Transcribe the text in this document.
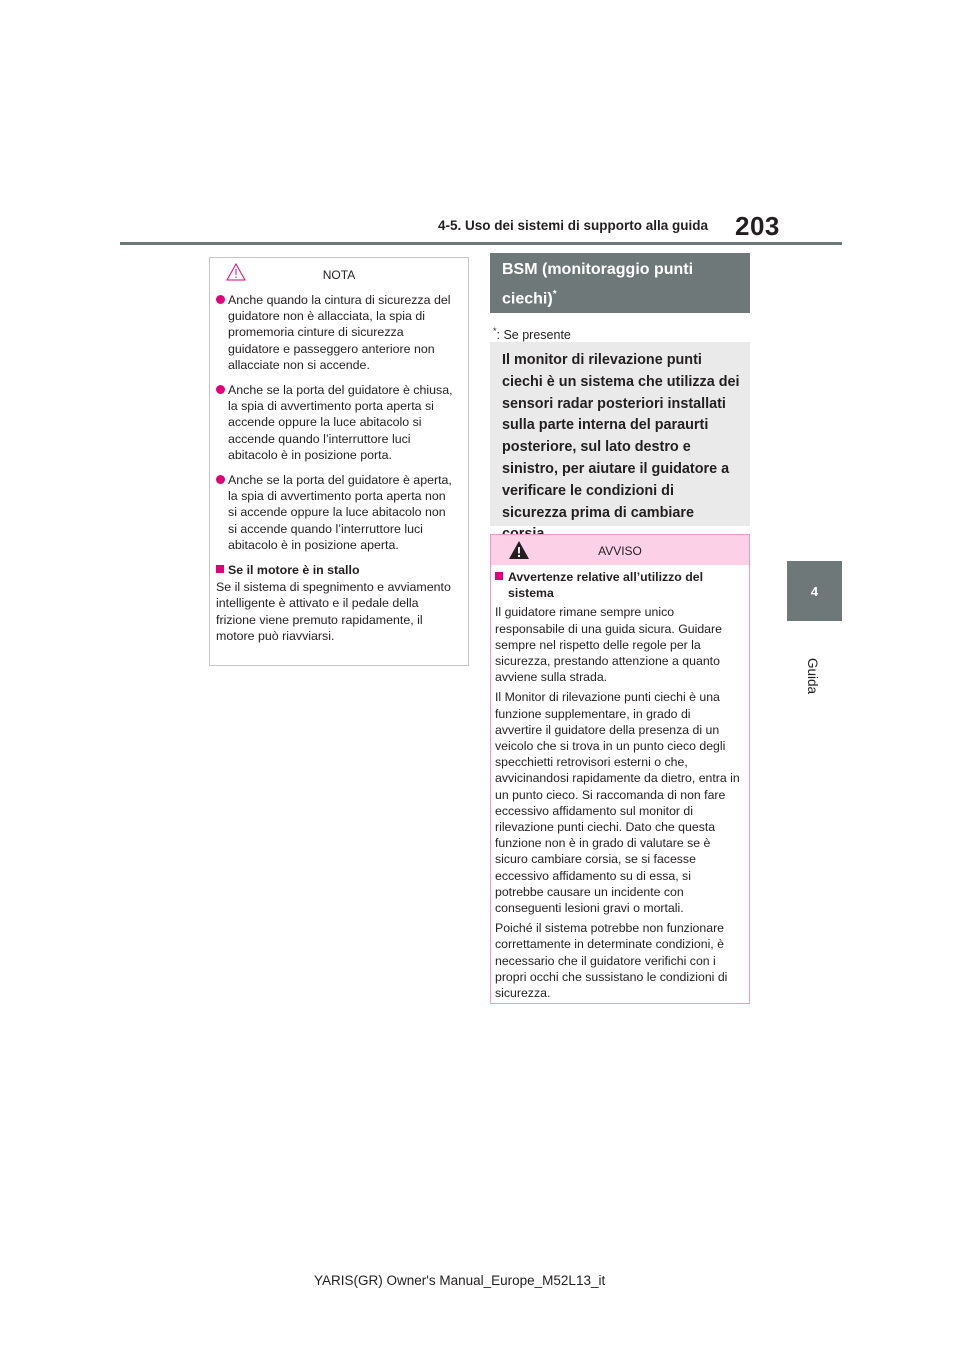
4-5. Uso dei sistemi di supporto alla guida 203
4
Guida
NOTA
Anche quando la cintura di sicurezza del guidatore non è allacciata, la spia di promemoria cinture di sicurezza guidatore e passeggero anteriore non allacciate non si accende.
Anche se la porta del guidatore è chiusa, la spia di avvertimento porta aperta si accende oppure la luce abitacolo si accende quando l’interruttore luci abitacolo è in posizione porta.
Anche se la porta del guidatore è aperta, la spia di avvertimento porta aperta non si accende oppure la luce abitacolo non si accende quando l’interruttore luci abitacolo è in posizione aperta.
Se il motore è in stallo

Se il sistema di spegnimento e avviamento intelligente è attivato e il pedale della frizione viene premuto rapidamente, il motore può riavviarsi.

BSM (monitoraggio punti ciechi)*
*: Se presente
Il monitor di rilevazione punti ciechi è un sistema che utilizza dei sensori radar posteriori installati sulla parte interna del paraurti posteriore, sul lato destro e sinistro, per aiutare il guidatore a verificare le condizioni di sicurezza prima di cambiare
AVVISO
Avvertenze relative all’utilizzo del sistema

Il guidatore rimane sempre unico responsabile di una guida sicura. Guidare sempre nel rispetto delle regole per la sicurezza, prestando attenzione a quanto avviene sulla strada.

Il Monitor di rilevazione punti ciechi è una funzione supplementare, in grado di avvertire il guidatore della presenza di un veicolo che si trova in un punto cieco degli specchietti retrovisori esterni o che, avvicinandosi rapidamente da dietro, entra in un punto cieco. Si raccomanda di non fare eccessivo affidamento sul monitor di rilevazione punti ciechi. Dato che questa funzione non è in grado di valutare se è sicuro cambiare corsia, se si facesse eccessivo affidamento su di essa, si potrebbe causare un incidente con conseguenti lesioni gravi o mortali.

Poiché il sistema potrebbe non funzionare correttamente in determinate condizioni, è necessario che il guidatore verifichi con i propri occhi che sussistano le condizioni di sicurezza.

YARIS(GR) Owner's Manual_Europe_M52L13_it
